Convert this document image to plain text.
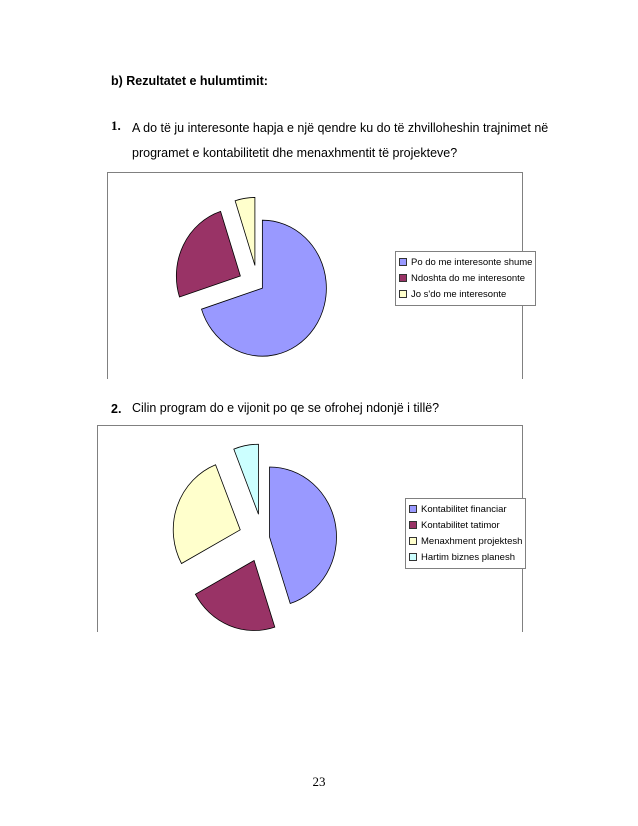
b) Rezultatet e hulumtimit:
1. A do të ju interesonte hapja e një qendre ku do të zhvilloheshin trajnimet në programet e kontabilitetit dhe menaxhmentit të projekteve?
Po do me interesonte shume
Ndoshta do me interesonte
Jo s'do me interesonte
2. Cilin program do e vijonit po qe se ofrohej ndonjë i tillë?
Kontabilitet financiar
Kontabilitet tatimor
Menaxhment projektesh
Hartim biznes planesh
23
